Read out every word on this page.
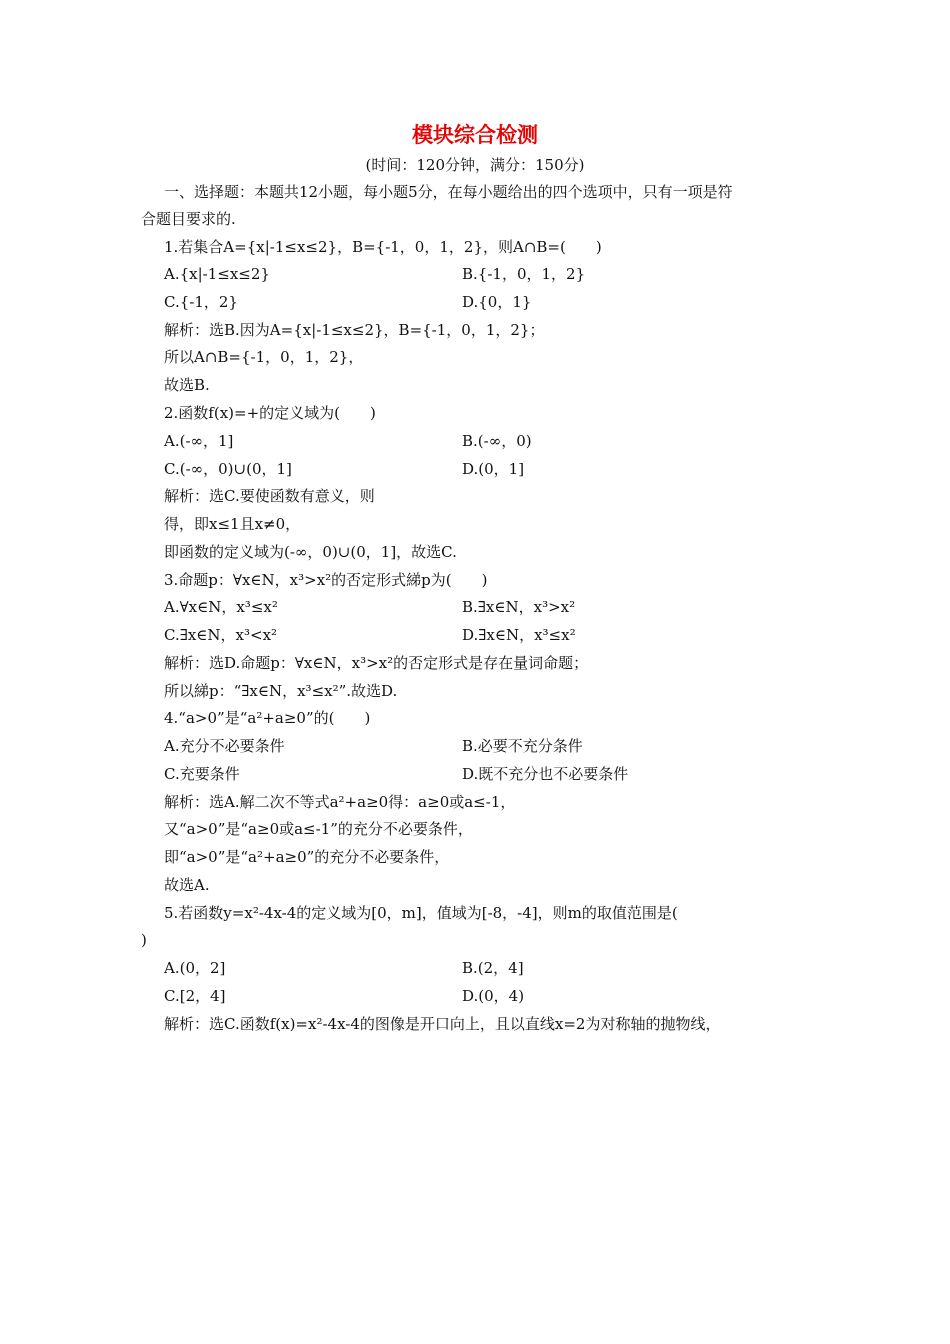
模块综合检测
(时间：120分钟，满分：150分)
一、选择题：本题共12小题，每小题5分，在每小题给出的四个选项中，只有一项是符
合题目要求的.
1.若集合A={x|-1≤x≤2}，B={-1，0，1，2}，则A∩B=(　　)
A.{x|-1≤x≤2}	B.{-1，0，1，2}
C.{-1，2}	D.{0，1}
解析：选B.因为A={x|-1≤x≤2}，B={-1，0，1，2}；
所以A∩B={-1，0，1，2}，
故选B.
2.函数f(x)=+的定义域为(　　)
A.(-∞，1]	B.(-∞，0)
C.(-∞，0)∪(0，1]	D.(0，1]
解析：选C.要使函数有意义，则
得，即x≤1且x≠0，
即函数的定义域为(-∞，0)∪(0，1]，故选C.
3.命题p：∀x∈N，x³>x²的否定形式綈p为(　　)
A.∀x∈N，x³≤x²	B.∃x∈N，x³>x²
C.∃x∈N，x³<x²	D.∃x∈N，x³≤x²
解析：选D.命题p：∀x∈N，x³>x²的否定形式是存在量词命题；
所以綈p：“∃x∈N，x³≤x²”.故选D.
4.“a>0”是“a²+a≥0”的(　　)
A.充分不必要条件	B.必要不充分条件
C.充要条件	D.既不充分也不必要条件
解析：选A.解二次不等式a²+a≥0得：a≥0或a≤-1，
又“a>0”是“a≥0或a≤-1”的充分不必要条件，
即“a>0”是“a²+a≥0”的充分不必要条件，
故选A.
5.若函数y=x²-4x-4的定义域为[0，m]，值域为[-8，-4]，则m的取值范围是(
)
A.(0，2]	B.(2，4]
C.[2，4]	D.(0，4)
解析：选C.函数f(x)=x²-4x-4的图像是开口向上，且以直线x=2为对称轴的抛物线，
